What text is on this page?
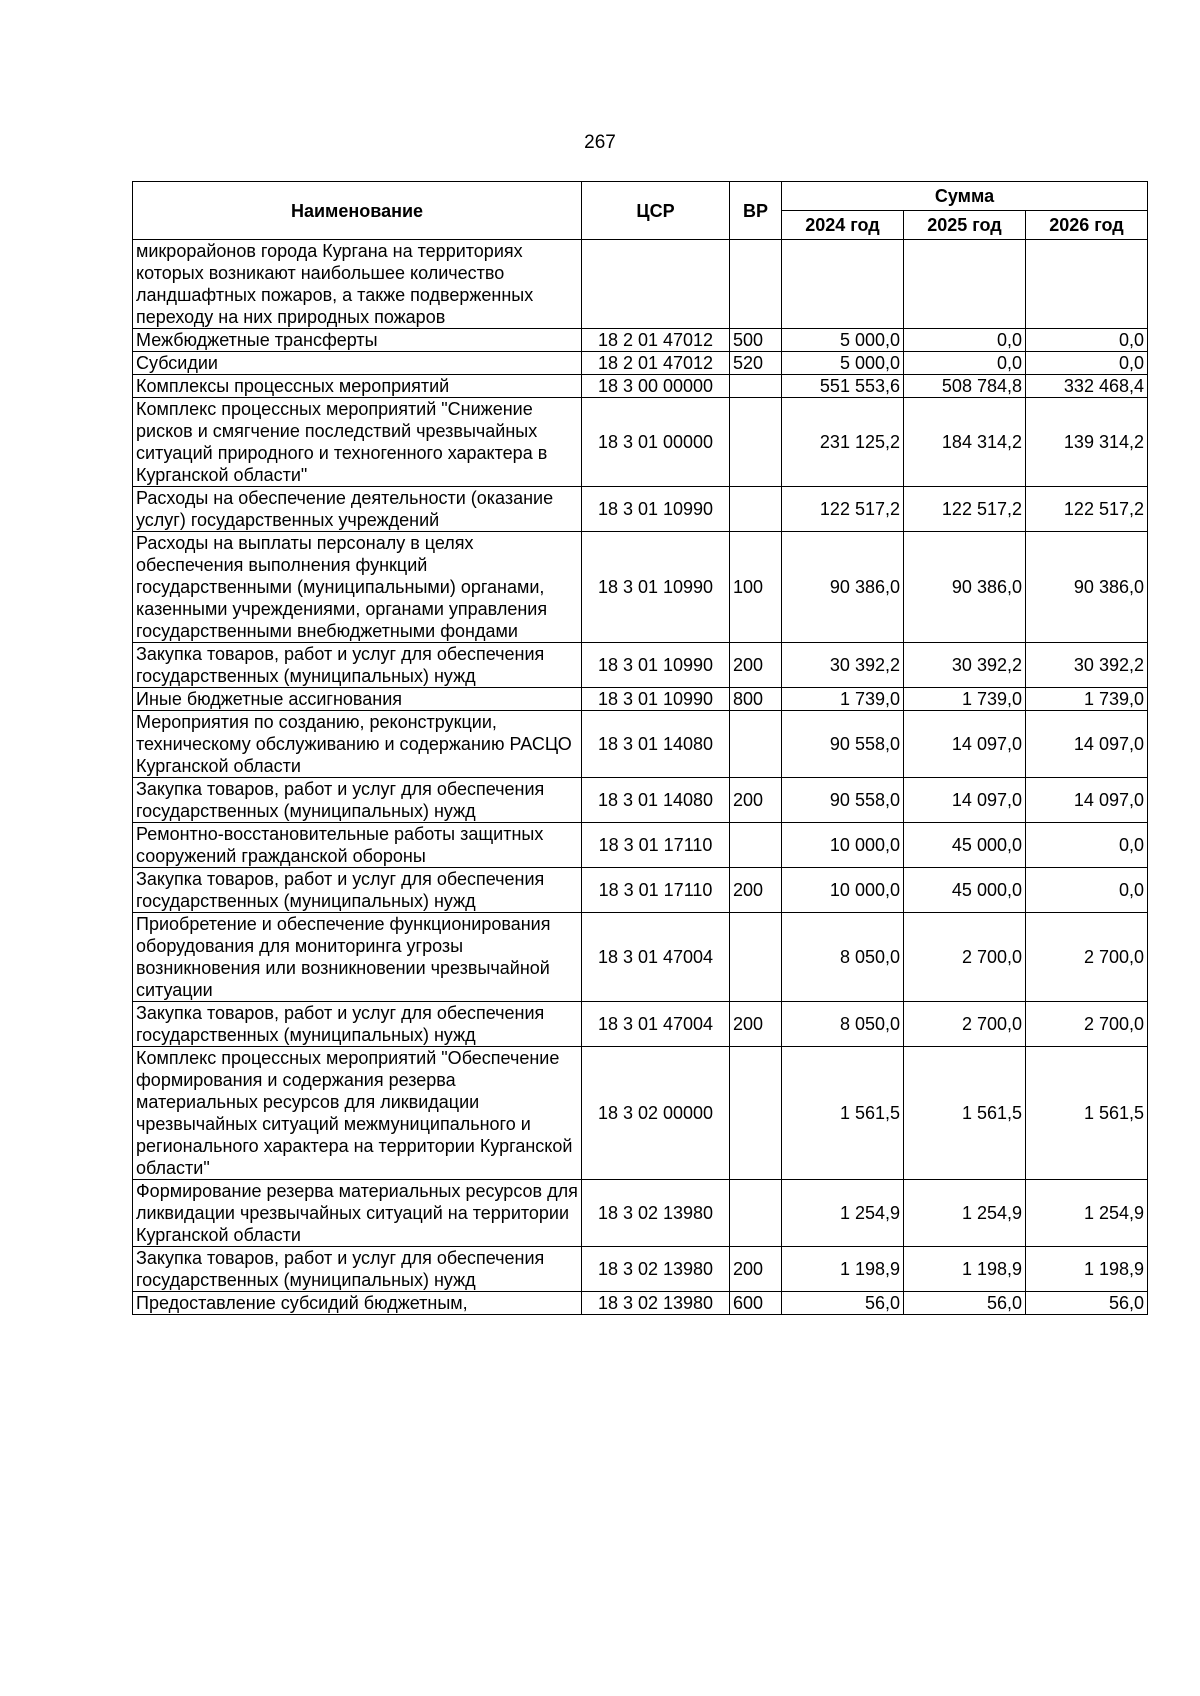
267
Наименование	ЦСР	ВР	Сумма		
			2024 год	2025 год	2026 год
микрорайонов города Кургана на территориях которых возникают наибольшее количество ландшафтных пожаров, а также подверженных переходу на них природных пожаров					
Межбюджетные трансферты	18 2 01 47012	500	5 000,0	0,0	0,0
Субсидии	18 2 01 47012	520	5 000,0	0,0	0,0
Комплексы процессных мероприятий	18 3 00 00000		551 553,6	508 784,8	332 468,4
Комплекс процессных мероприятий "Снижение рисков и смягчение последствий чрезвычайных ситуаций природного и техногенного характера в Курганской области"	18 3 01 00000		231 125,2	184 314,2	139 314,2
Расходы на обеспечение деятельности (оказание услуг) государственных учреждений	18 3 01 10990		122 517,2	122 517,2	122 517,2
Расходы на выплаты персоналу в целях обеспечения выполнения функций государственными (муниципальными) органами, казенными учреждениями, органами управления государственными внебюджетными фондами	18 3 01 10990	100	90 386,0	90 386,0	90 386,0
Закупка товаров, работ и услуг для обеспечения государственных (муниципальных) нужд	18 3 01 10990	200	30 392,2	30 392,2	30 392,2
Иные бюджетные ассигнования	18 3 01 10990	800	1 739,0	1 739,0	1 739,0
Мероприятия по созданию, реконструкции, техническому обслуживанию и содержанию РАСЦО Курганской области	18 3 01 14080		90 558,0	14 097,0	14 097,0
Закупка товаров, работ и услуг для обеспечения государственных (муниципальных) нужд	18 3 01 14080	200	90 558,0	14 097,0	14 097,0
Ремонтно-восстановительные работы защитных сооружений гражданской обороны	18 3 01 17110		10 000,0	45 000,0	0,0
Закупка товаров, работ и услуг для обеспечения государственных (муниципальных) нужд	18 3 01 17110	200	10 000,0	45 000,0	0,0
Приобретение и обеспечение функционирования оборудования для мониторинга угрозы возникновения или возникновении чрезвычайной ситуации	18 3 01 47004		8 050,0	2 700,0	2 700,0
Закупка товаров, работ и услуг для обеспечения государственных (муниципальных) нужд	18 3 01 47004	200	8 050,0	2 700,0	2 700,0
Комплекс процессных мероприятий "Обеспечение формирования и содержания резерва материальных ресурсов для ликвидации чрезвычайных ситуаций межмуниципального и регионального характера на территории Курганской области"	18 3 02 00000		1 561,5	1 561,5	1 561,5
Формирование резерва материальных ресурсов для ликвидации чрезвычайных ситуаций на территории Курганской области	18 3 02 13980		1 254,9	1 254,9	1 254,9
Закупка товаров, работ и услуг для обеспечения государственных (муниципальных) нужд	18 3 02 13980	200	1 198,9	1 198,9	1 198,9
Предоставление субсидий бюджетным,	18 3 02 13980	600	56,0	56,0	56,0
